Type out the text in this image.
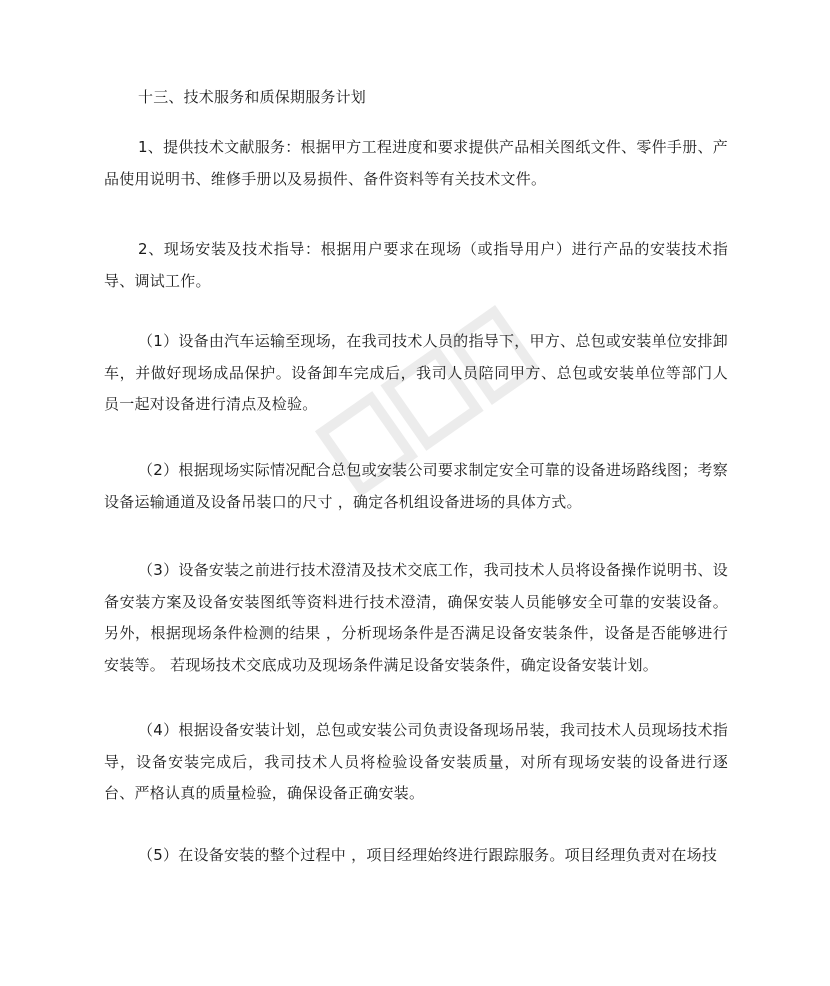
十三、技术服务和质保期服务计划

1、提供技术文献服务：根据甲方工程进度和要求提供产品相关图纸文件、零件手册、产品使用说明书、维修手册以及易损件、备件资料等有关技术文件。

2、现场安装及技术指导：根据用户要求在现场（或指导用户）进行产品的安装技术指导、调试工作。

（1）设备由汽车运输至现场，在我司技术人员的指导下，甲方、总包或安装单位安排卸车，并做好现场成品保护。设备卸车完成后，我司人员陪同甲方、总包或安装单位等部门人员一起对设备进行清点及检验。

（2）根据现场实际情况配合总包或安装公司要求制定安全可靠的设备进场路线图；考察设备运输通道及设备吊装口的尺寸 ，确定各机组设备进场的具体方式。

（3）设备安装之前进行技术澄清及技术交底工作，我司技术人员将设备操作说明书、设备安装方案及设备安装图纸等资料进行技术澄清，确保安装人员能够安全可靠的安装设备。 另外，根据现场条件检测的结果 ，分析现场条件是否满足设备安装条件，设备是否能够进行安装等。 若现场技术交底成功及现场条件满足设备安装条件，确定设备安装计划。

（4）根据设备安装计划，总包或安装公司负责设备现场吊装，我司技术人员现场技术指导，设备安装完成后，我司技术人员将检验设备安装质量，对所有现场安装的设备进行逐台、严格认真的质量检验，确保设备正确安装。

（5）在设备安装的整个过程中 ，项目经理始终进行跟踪服务。项目经理负责对在场技
